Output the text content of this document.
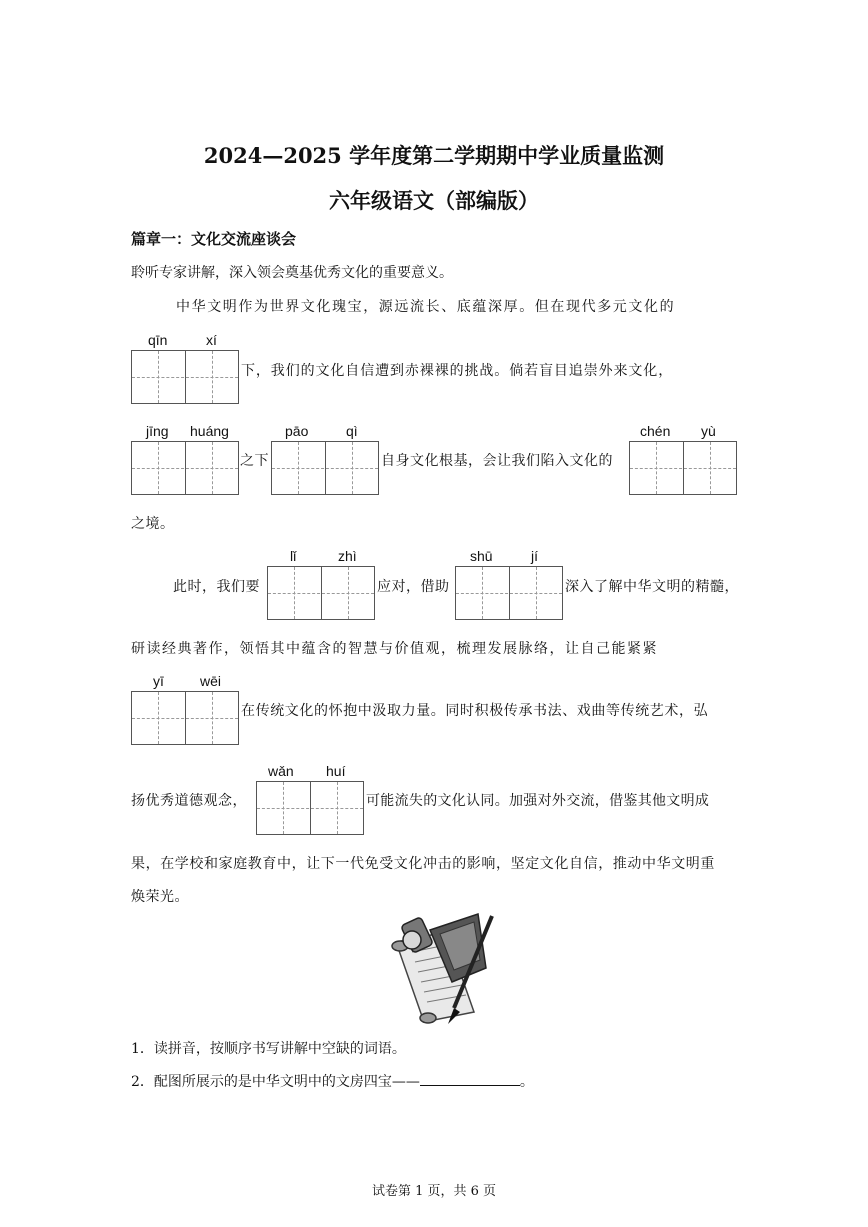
2024—2025 学年度第二学期期中学业质量监测
六年级语文（部编版）
篇章一：文化交流座谈会
聆听专家讲解，深入领会奠基优秀文化的重要意义。
中华文明作为世界文化瑰宝，源远流长、底蕴深厚。但在现代多元文化的
qīn	xí
下，我们的文化自信遭到赤裸裸的挑战。倘若盲目追崇外来文化，
jīng huáng
之下
pāo	qì
自身文化根基，会让我们陷入文化的
chén yù
之境。
此时，我们要
lǐ	zhì
应对，借助
shū	jí
深入了解中华文明的精髓，
研读经典著作，领悟其中蕴含的智慧与价值观，梳理发展脉络，让自己能紧紧
yī	wēi
在传统文化的怀抱中汲取力量。同时积极传承书法、戏曲等传统艺术，弘
扬优秀道德观念，
wǎn huí
可能流失的文化认同。加强对外交流，借鉴其他文明成
果，在学校和家庭教育中，让下一代免受文化冲击的影响，坚定文化自信，推动中华文明重
焕荣光。
1．读拼音，按顺序书写讲解中空缺的词语。
2．配图所展示的是中华文明中的文房四宝——	。
试卷第 1 页，共 6 页
